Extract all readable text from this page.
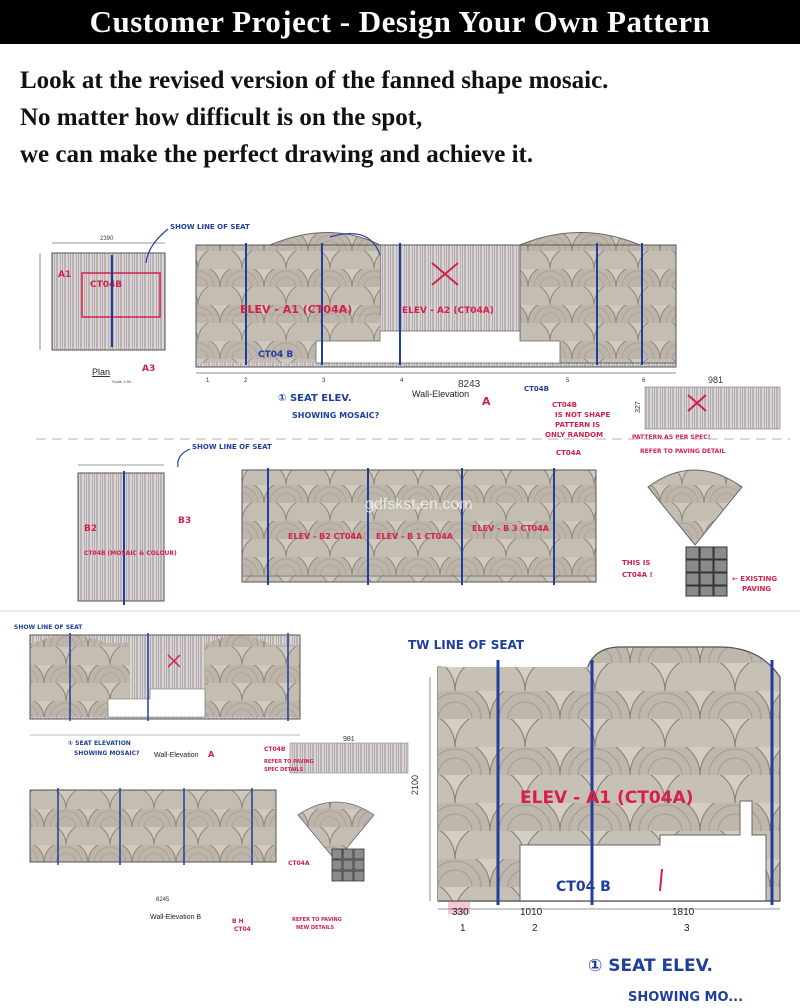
Customer Project - Design Your Own Pattern
Look at the revised version of the fanned shape mosaic.
No matter how difficult is on the spot,
we can make the perfect drawing and achieve it.
2390
A1
CT04B
A3
Plan
Scale 1:50
ELEV - A1 (CT04A)	ELEV - A2 (CT04A)
CT04 B
SHOW LINE OF SEAT
1	2	3	4	5	6
8243
Wall-Elevation
A
① SEAT ELEV.
SHOWING MOSAIC?
CT04B
981
327
CT04B
IS NOT SHAPE
PATTERN IS
ONLY RANDOM
CT04A
PATTERN AS PER SPEC!
REFER TO PAVING DETAIL
B2
B3
CT04B (MOSAIC & COLOUR)
SHOW LINE OF SEAT
ELEV - B2 CT04A ELEV - B 1 CT04A
ELEV - B 3 CT04A
gdfskst.en.com
THIS IS
CT04A !	← EXISTING
PAVING
SHOW LINE OF SEAT
① SEAT ELEVATION
SHOWING MOSAIC? Wall-Elevation A
981
CT04B
REFER TO PAVING
SPEC DETAILS
8245
Wall-Elevation B
B H
CT04
CT04A
REFER TO PAVING
NEW DETAILS
TW LINE OF SEAT
ELEV - A1 (CT04A)
CT04 B
2100
330	1010	1810
1	2	3
① SEAT ELEV.
SHOWING MO...
